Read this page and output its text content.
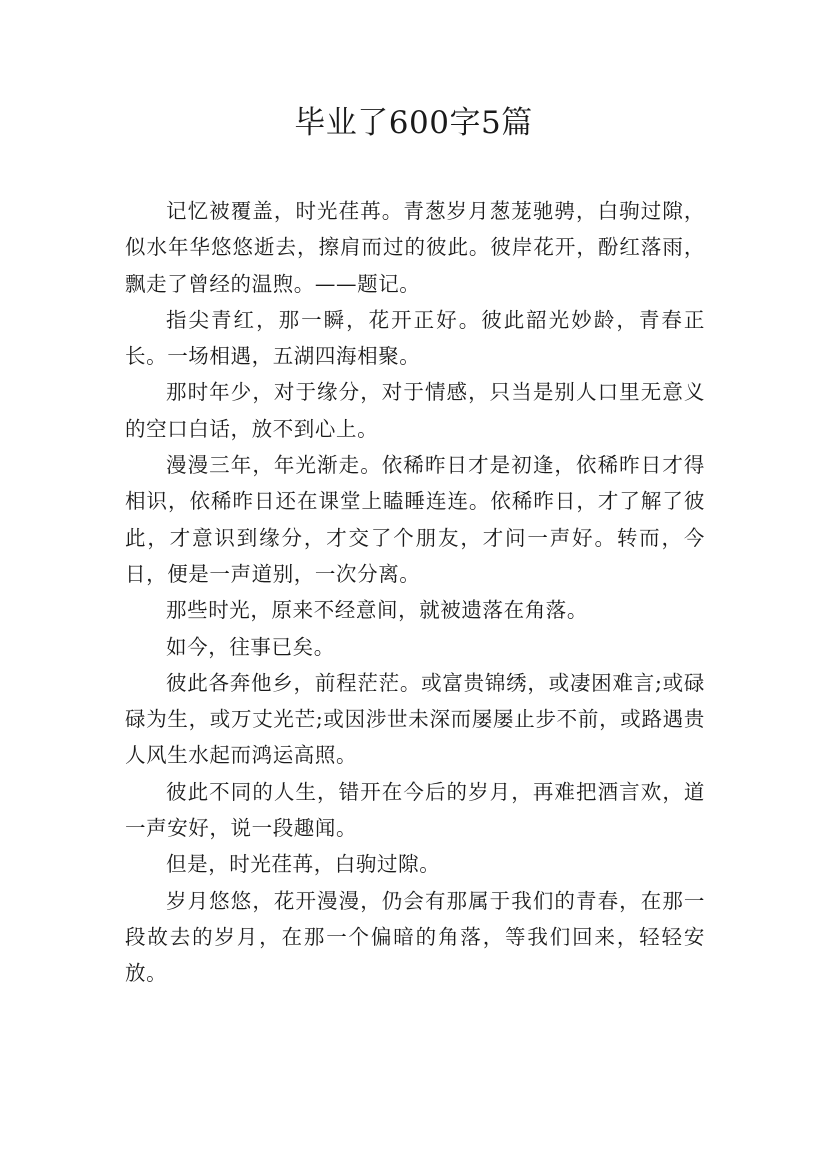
毕业了600字5篇

记忆被覆盖，时光荏苒。青葱岁月葱茏驰骋，白驹过隙，似水年华悠悠逝去，擦肩而过的彼此。彼岸花开，酚红落雨，飘走了曾经的温煦。——题记。

指尖青红，那一瞬，花开正好。彼此韶光妙龄，青春正长。一场相遇，五湖四海相聚。

那时年少，对于缘分，对于情感，只当是别人口里无意义的空口白话，放不到心上。

漫漫三年，年光渐走。依稀昨日才是初逢，依稀昨日才得相识，依稀昨日还在课堂上瞌睡连连。依稀昨日，才了解了彼此，才意识到缘分，才交了个朋友，才问一声好。转而，今日，便是一声道别，一次分离。

那些时光，原来不经意间，就被遗落在角落。

如今，往事已矣。

彼此各奔他乡，前程茫茫。或富贵锦绣，或凄困难言;或碌碌为生，或万丈光芒;或因涉世未深而屡屡止步不前，或路遇贵人风生水起而鸿运高照。

彼此不同的人生，错开在今后的岁月，再难把酒言欢，道一声安好，说一段趣闻。

但是，时光荏苒，白驹过隙。

岁月悠悠，花开漫漫，仍会有那属于我们的青春，在那一段故去的岁月，在那一个偏暗的角落，等我们回来，轻轻安放。
